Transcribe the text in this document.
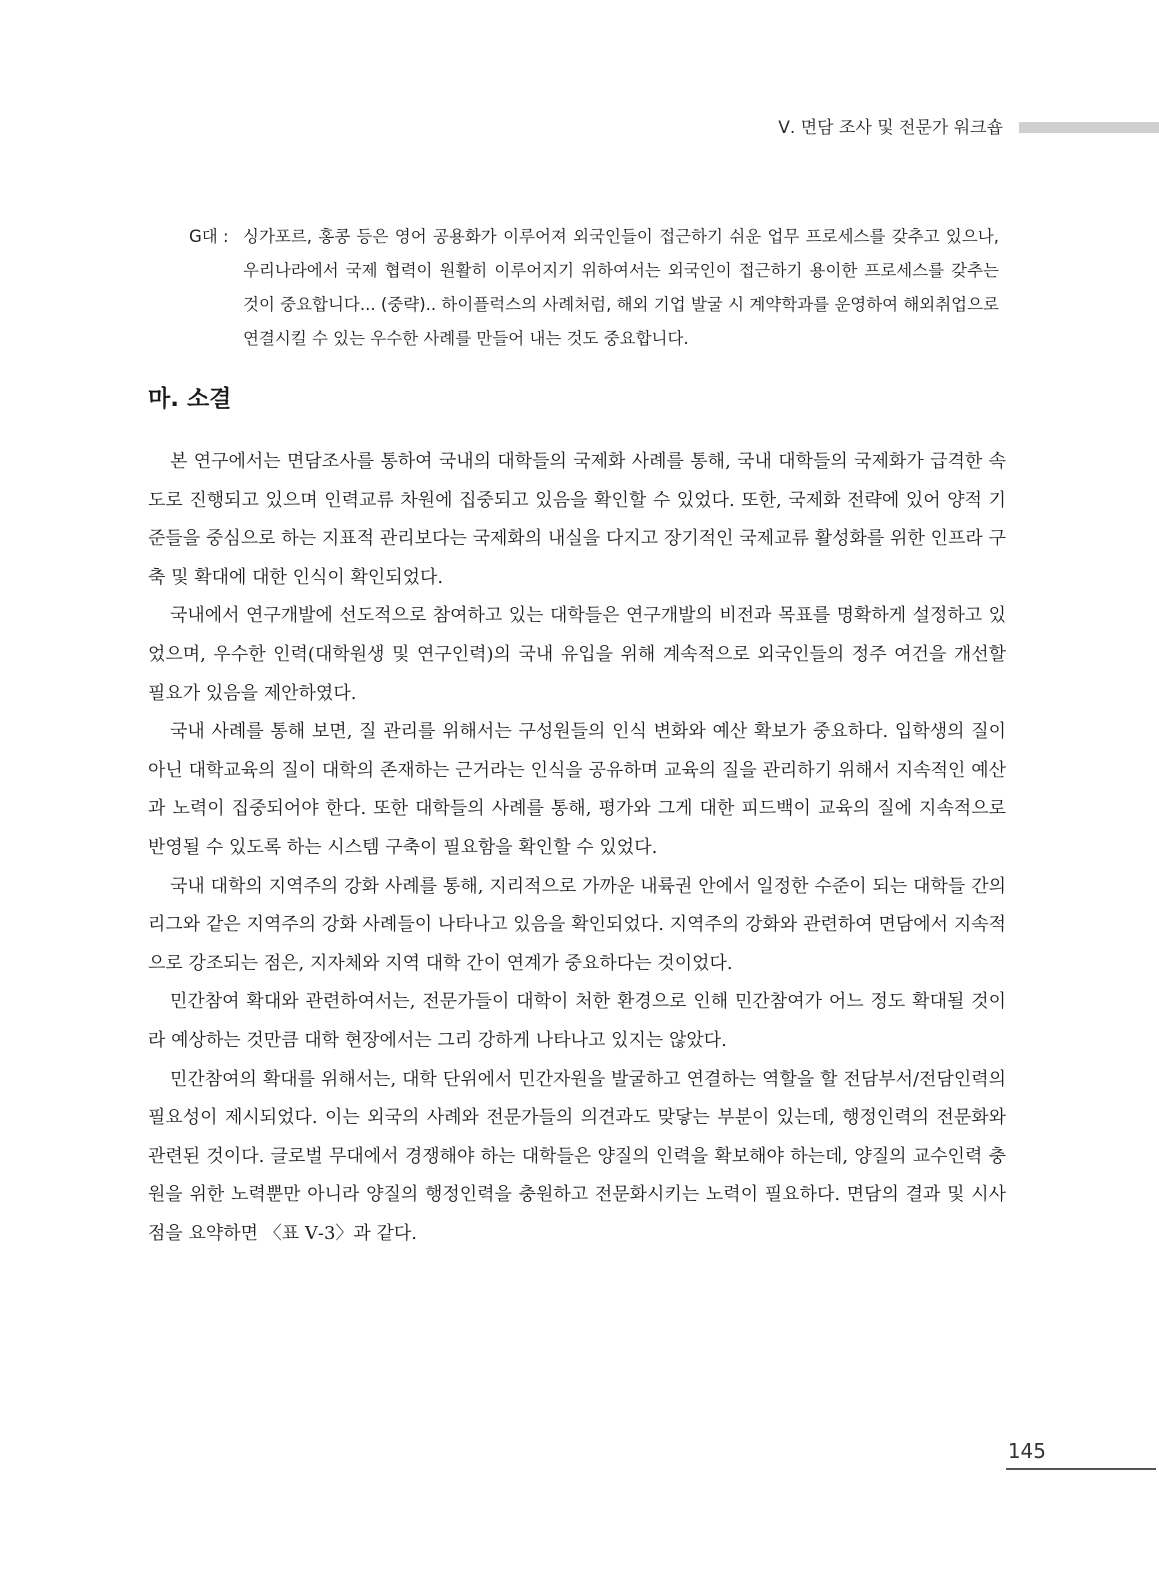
Ⅴ. 면담 조사 및 전문가 워크숍
G대 : 싱가포르, 홍콩 등은 영어 공용화가 이루어져 외국인들이 접근하기 쉬운 업무 프로세스를 갖추고 있으나, 우리나라에서 국제 협력이 원활히 이루어지기 위하여서는 외국인이 접근하기 용이한 프로세스를 갖추는 것이 중요합니다... (중략).. 하이플럭스의 사례처럼, 해외 기업 발굴 시 계약학과를 운영하여 해외취업으로 연결시킬 수 있는 우수한 사례를 만들어 내는 것도 중요합니다.

마. 소결

본 연구에서는 면담조사를 통하여 국내의 대학들의 국제화 사례를 통해, 국내 대학들의 국제화가 급격한 속도로 진행되고 있으며 인력교류 차원에 집중되고 있음을 확인할 수 있었다. 또한, 국제화 전략에 있어 양적 기준들을 중심으로 하는 지표적 관리보다는 국제화의 내실을 다지고 장기적인 국제교류 활성화를 위한 인프라 구축 및 확대에 대한 인식이 확인되었다.

국내에서 연구개발에 선도적으로 참여하고 있는 대학들은 연구개발의 비전과 목표를 명확하게 설정하고 있었으며, 우수한 인력(대학원생 및 연구인력)의 국내 유입을 위해 계속적으로 외국인들의 정주 여건을 개선할 필요가 있음을 제안하였다.

국내 사례를 통해 보면, 질 관리를 위해서는 구성원들의 인식 변화와 예산 확보가 중요하다. 입학생의 질이 아닌 대학교육의 질이 대학의 존재하는 근거라는 인식을 공유하며 교육의 질을 관리하기 위해서 지속적인 예산과 노력이 집중되어야 한다. 또한 대학들의 사례를 통해, 평가와 그게 대한 피드백이 교육의 질에 지속적으로 반영될 수 있도록 하는 시스템 구축이 필요함을 확인할 수 있었다.

국내 대학의 지역주의 강화 사례를 통해, 지리적으로 가까운 내륙권 안에서 일정한 수준이 되는 대학들 간의 리그와 같은 지역주의 강화 사례들이 나타나고 있음을 확인되었다. 지역주의 강화와 관련하여 면담에서 지속적으로 강조되는 점은, 지자체와 지역 대학 간이 연계가 중요하다는 것이었다.

민간참여 확대와 관련하여서는, 전문가들이 대학이 처한 환경으로 인해 민간참여가 어느 정도 확대될 것이라 예상하는 것만큼 대학 현장에서는 그리 강하게 나타나고 있지는 않았다.

민간참여의 확대를 위해서는, 대학 단위에서 민간자원을 발굴하고 연결하는 역할을 할 전담부서/전담인력의 필요성이 제시되었다. 이는 외국의 사례와 전문가들의 의견과도 맞닿는 부분이 있는데, 행정인력의 전문화와 관련된 것이다. 글로벌 무대에서 경쟁해야 하는 대학들은 양질의 인력을 확보해야 하는데, 양질의 교수인력 충원을 위한 노력뿐만 아니라 양질의 행정인력을 충원하고 전문화시키는 노력이 필요하다. 면담의 결과 및 시사점을 요약하면 〈표 Ⅴ-3〉과 같다.

145
